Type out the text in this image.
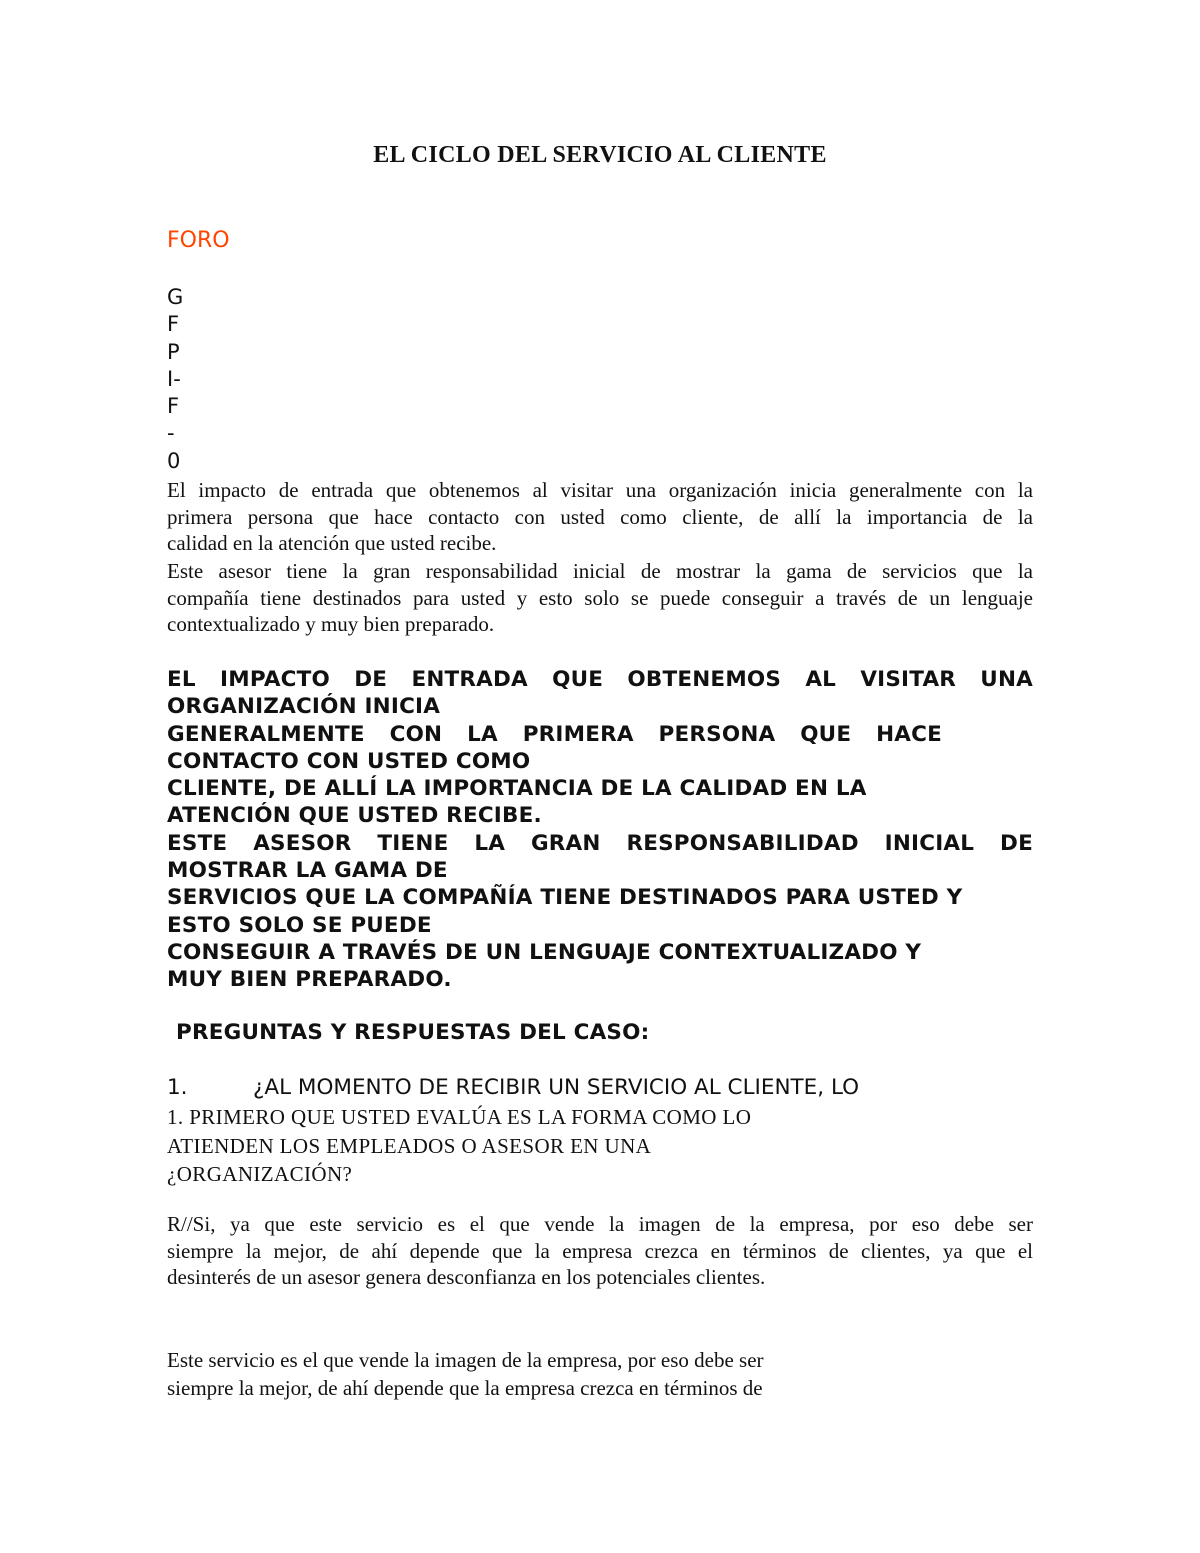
EL CICLO DEL SERVICIO AL CLIENTE
FORO
G
F
P
I-
F
-
0
El impacto de entrada que obtenemos al visitar una organización inicia generalmente con la
primera persona que hace contacto con usted como cliente, de allí la importancia de la
calidad en la atención que usted recibe.
Este asesor tiene la gran responsabilidad inicial de mostrar la gama de servicios que la
compañía tiene destinados para usted y esto solo se puede conseguir a través de un lenguaje
contextualizado y muy bien preparado.
EL IMPACTO DE ENTRADA QUE OBTENEMOS AL VISITAR UNA
ORGANIZACIÓN INICIA
GENERALMENTE CON LA PRIMERA PERSONA QUE HACE
CONTACTO CON USTED COMO
CLIENTE, DE ALLÍ LA IMPORTANCIA DE LA CALIDAD EN LA
ATENCIÓN QUE USTED RECIBE.
ESTE ASESOR TIENE LA GRAN RESPONSABILIDAD INICIAL DE
MOSTRAR LA GAMA DE
SERVICIOS QUE LA COMPAÑÍA TIENE DESTINADOS PARA USTED Y
ESTO SOLO SE PUEDE
CONSEGUIR A TRAVÉS DE UN LENGUAJE CONTEXTUALIZADO Y
MUY BIEN PREPARADO.
PREGUNTAS Y RESPUESTAS DEL CASO:
1.	¿AL MOMENTO DE RECIBIR UN SERVICIO AL CLIENTE, LO
1. PRIMERO QUE USTED EVALÚA ES LA FORMA COMO LO
ATIENDEN LOS EMPLEADOS O ASESOR EN UNA
¿ORGANIZACIÓN?
R//Si, ya que este servicio es el que vende la imagen de la empresa, por eso debe ser
siempre la mejor, de ahí depende que la empresa crezca en términos de clientes, ya que el
desinterés de un asesor genera desconfianza en los potenciales clientes.
Este servicio es el que vende la imagen de la empresa, por eso debe ser
siempre la mejor, de ahí depende que la empresa crezca en términos de
